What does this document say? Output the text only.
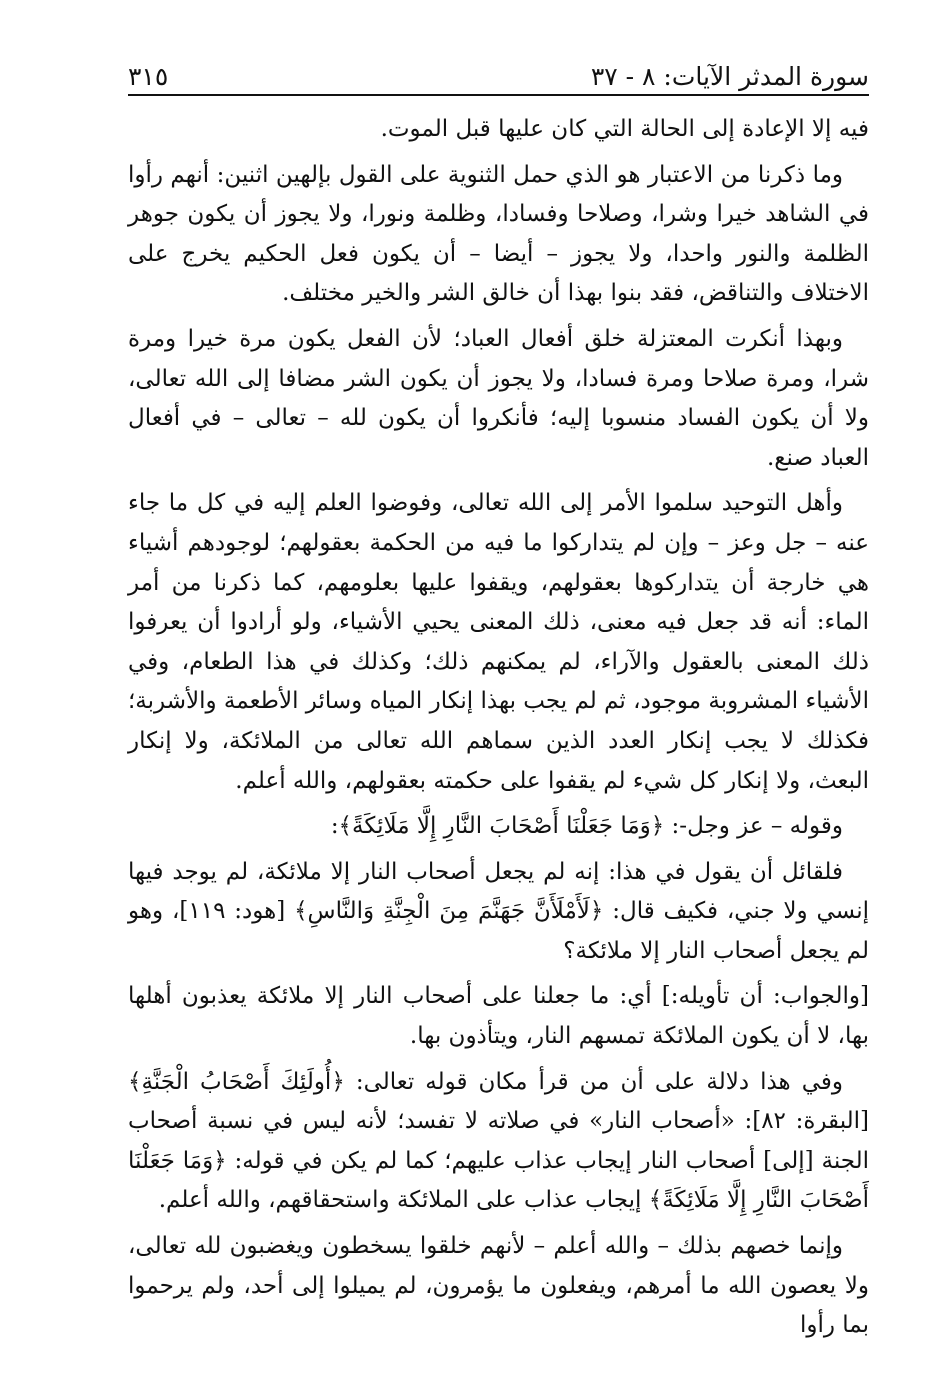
سورة المدثر الآيات: ٨ - ٣٧
٣١٥

فيه إلا الإعادة إلى الحالة التي كان عليها قبل الموت.

وما ذكرنا من الاعتبار هو الذي حمل الثنوية على القول بإلهين اثنين: أنهم رأوا في الشاهد خيرا وشرا، وصلاحا وفسادا، وظلمة ونورا، ولا يجوز أن يكون جوهر الظلمة والنور واحدا، ولا يجوز – أيضا – أن يكون فعل الحكيم يخرج على الاختلاف والتناقض، فقد بنوا بهذا أن خالق الشر والخير مختلف.

وبهذا أنكرت المعتزلة خلق أفعال العباد؛ لأن الفعل يكون مرة خيرا ومرة شرا، ومرة صلاحا ومرة فسادا، ولا يجوز أن يكون الشر مضافا إلى الله تعالى، ولا أن يكون الفساد منسوبا إليه؛ فأنكروا أن يكون لله – تعالى – في أفعال العباد صنع.

وأهل التوحيد سلموا الأمر إلى الله تعالى، وفوضوا العلم إليه في كل ما جاء عنه – جل وعز – وإن لم يتداركوا ما فيه من الحكمة بعقولهم؛ لوجودهم أشياء هي خارجة أن يتداركوها بعقولهم، ويقفوا عليها بعلومهم، كما ذكرنا من أمر الماء: أنه قد جعل فيه معنى، ذلك المعنى يحيي الأشياء، ولو أرادوا أن يعرفوا ذلك المعنى بالعقول والآراء، لم يمكنهم ذلك؛ وكذلك في هذا الطعام، وفي الأشياء المشروبة موجود، ثم لم يجب بهذا إنكار المياه وسائر الأطعمة والأشربة؛ فكذلك لا يجب إنكار العدد الذين سماهم الله تعالى من الملائكة، ولا إنكار البعث، ولا إنكار كل شيء لم يقفوا على حكمته بعقولهم، والله أعلم.

وقوله – عز وجل-: ﴿وَمَا جَعَلْنَا أَصْحَابَ النَّارِ إِلَّا مَلَائِكَةً﴾:

فلقائل أن يقول في هذا: إنه لم يجعل أصحاب النار إلا ملائكة، لم يوجد فيها إنسي ولا جني، فكيف قال: ﴿لَأَمْلَأَنَّ جَهَنَّمَ مِنَ الْجِنَّةِ وَالنَّاسِ﴾ [هود: ١١٩]، وهو لم يجعل أصحاب النار إلا ملائكة؟

[والجواب: أن تأويله:] أي: ما جعلنا على أصحاب النار إلا ملائكة يعذبون أهلها بها، لا أن يكون الملائكة تمسهم النار، ويتأذون بها.

وفي هذا دلالة على أن من قرأ مكان قوله تعالى: ﴿أُولَئِكَ أَصْحَابُ الْجَنَّةِ﴾ [البقرة: ٨٢]: «أصحاب النار» في صلاته لا تفسد؛ لأنه ليس في نسبة أصحاب الجنة [إلى] أصحاب النار إيجاب عذاب عليهم؛ كما لم يكن في قوله: ﴿وَمَا جَعَلْنَا أَصْحَابَ النَّارِ إِلَّا مَلَائِكَةً﴾ إيجاب عذاب على الملائكة واستحقاقهم، والله أعلم.

وإنما خصهم بذلك – والله أعلم – لأنهم خلقوا يسخطون ويغضبون لله تعالى، ولا يعصون الله ما أمرهم، ويفعلون ما يؤمرون، لم يميلوا إلى أحد، ولم يرحموا بما رأوا
